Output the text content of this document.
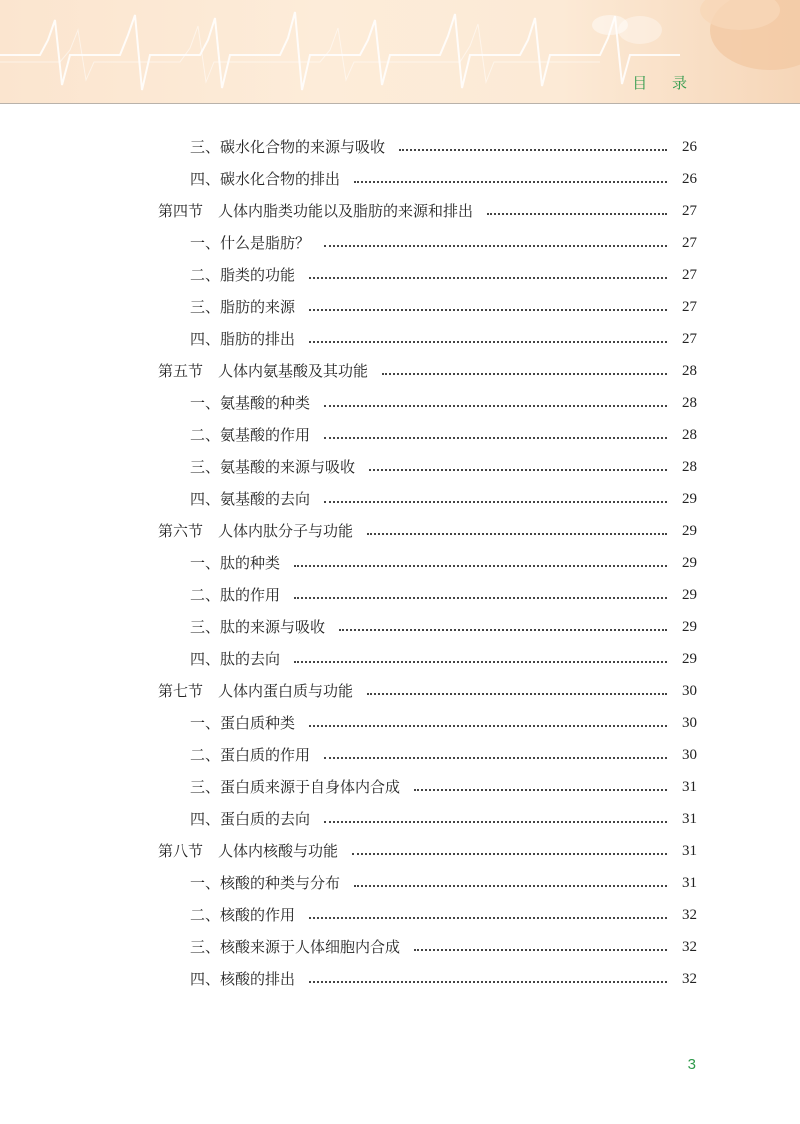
目 录
三、碳水化合物的来源与吸收	26
四、碳水化合物的排出	26
第四节　人体内脂类功能以及脂肪的来源和排出	27
一、什么是脂肪？	27
二、脂类的功能	27
三、脂肪的来源	27
四、脂肪的排出	27
第五节　人体内氨基酸及其功能	28
一、氨基酸的种类	28
二、氨基酸的作用	28
三、氨基酸的来源与吸收	28
四、氨基酸的去向	29
第六节　人体内肽分子与功能	29
一、肽的种类	29
二、肽的作用	29
三、肽的来源与吸收	29
四、肽的去向	29
第七节　人体内蛋白质与功能	30
一、蛋白质种类	30
二、蛋白质的作用	30
三、蛋白质来源于自身体内合成	31
四、蛋白质的去向	31
第八节　人体内核酸与功能	31
一、核酸的种类与分布	31
二、核酸的作用	32
三、核酸来源于人体细胞内合成	32
四、核酸的排出	32
3
